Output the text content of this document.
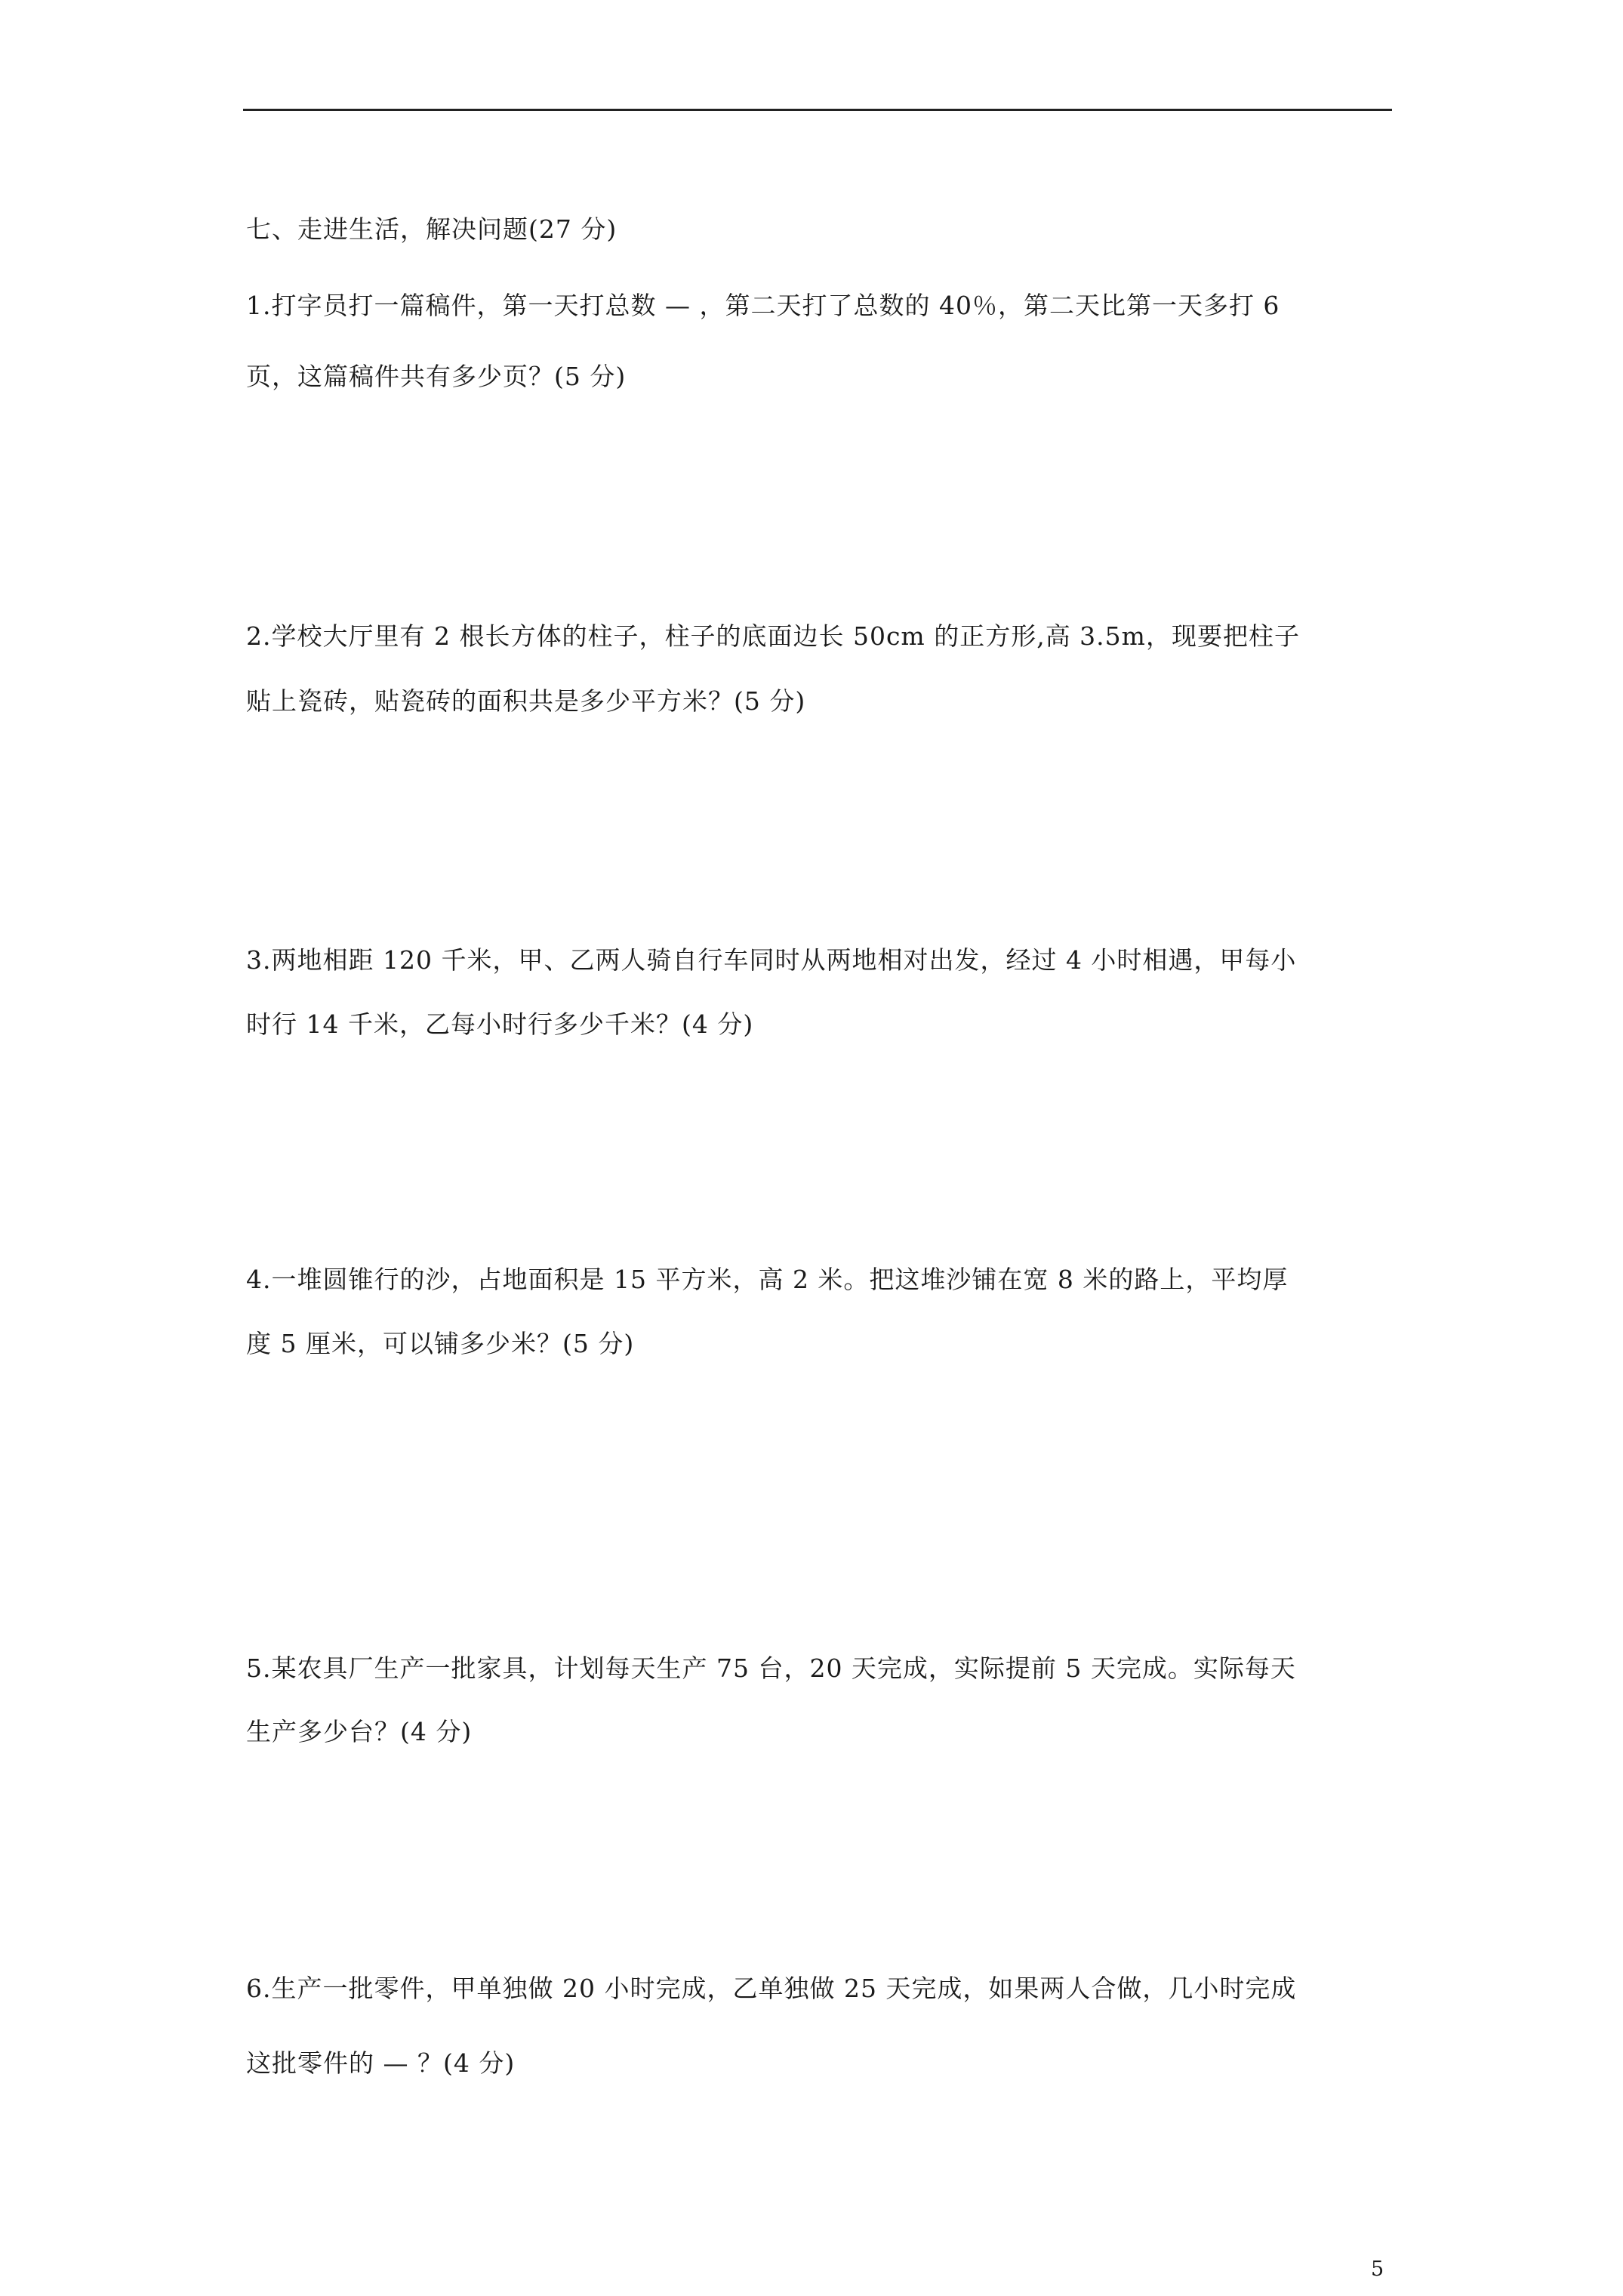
七、走进生活，解决问题(27 分)
1.打字员打一篇稿件，第一天打总数 — ，第二天打了总数的 40％，第二天比第一天多打 6
页，这篇稿件共有多少页？(5 分)
2.学校大厅里有 2 根长方体的柱子，柱子的底面边长 50cm 的正方形,高 3.5m，现要把柱子
贴上瓷砖，贴瓷砖的面积共是多少平方米？(5 分)
3.两地相距 120 千米，甲、乙两人骑自行车同时从两地相对出发，经过 4 小时相遇，甲每小
时行 14 千米，乙每小时行多少千米？(4 分)
4.一堆圆锥行的沙，占地面积是 15 平方米，高 2 米。把这堆沙铺在宽 8 米的路上，平均厚
度 5 厘米，可以铺多少米？(5 分)
5.某农具厂生产一批家具，计划每天生产 75 台，20 天完成，实际提前 5 天完成。实际每天
生产多少台？(4 分)
6.生产一批零件，甲单独做 20 小时完成，乙单独做 25 天完成，如果两人合做，几小时完成
这批零件的 — ？(4 分)
5
